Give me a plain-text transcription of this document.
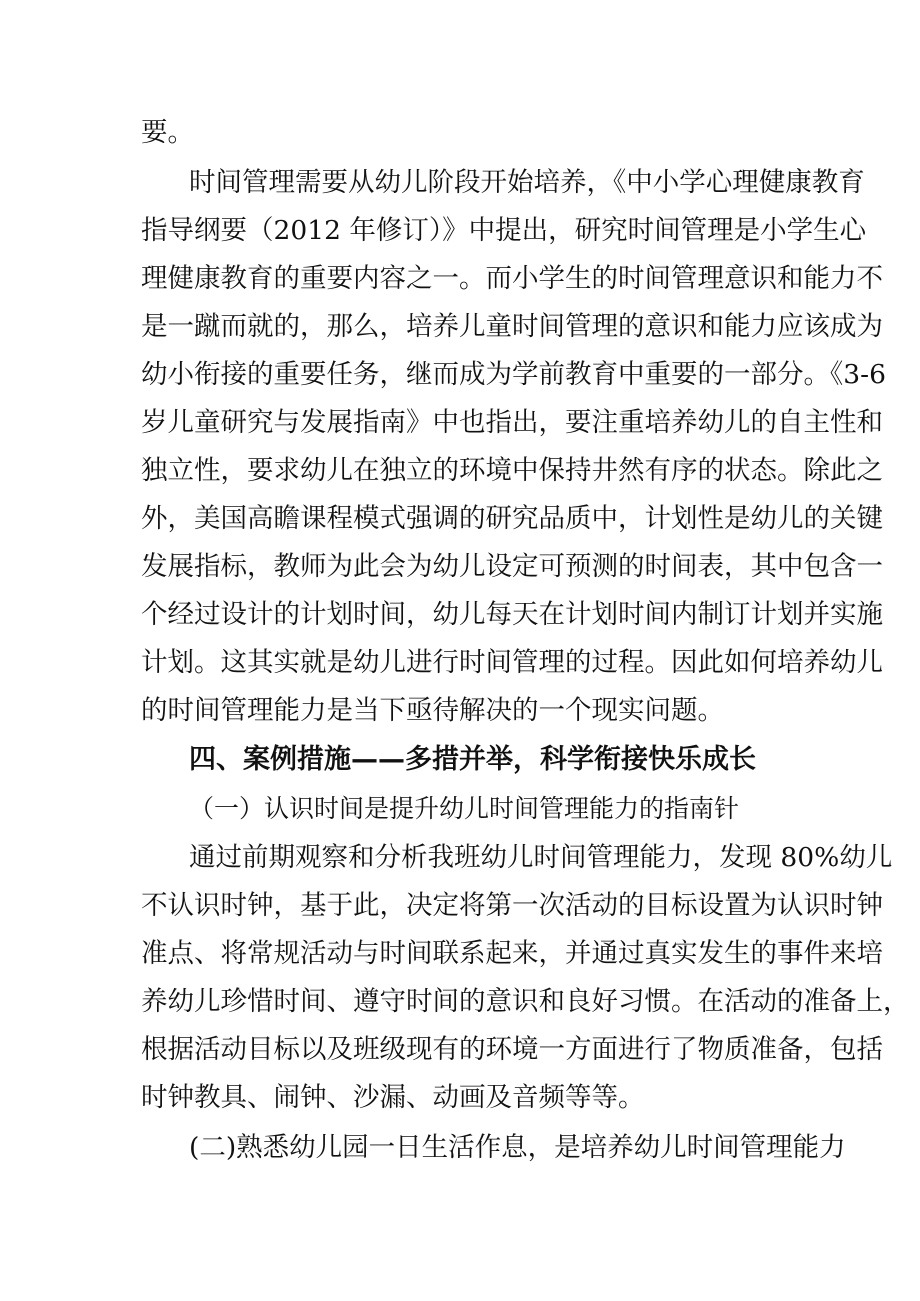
要。
时间管理需要从幼儿阶段开始培养，《中小学心理健康教育
指导纲要（2012 年修订）》中提出，研究时间管理是小学生心
理健康教育的重要内容之一。而小学生的时间管理意识和能力不
是一蹴而就的，那么，培养儿童时间管理的意识和能力应该成为
幼小衔接的重要任务，继而成为学前教育中重要的一部分。《3-6
岁儿童研究与发展指南》中也指出，要注重培养幼儿的自主性和
独立性，要求幼儿在独立的环境中保持井然有序的状态。除此之
外，美国高瞻课程模式强调的研究品质中，计划性是幼儿的关键
发展指标，教师为此会为幼儿设定可预测的时间表，其中包含一
个经过设计的计划时间，幼儿每天在计划时间内制订计划并实施
计划。这其实就是幼儿进行时间管理的过程。因此如何培养幼儿
的时间管理能力是当下亟待解决的一个现实问题。
四、案例措施——多措并举，科学衔接快乐成长
（一）认识时间是提升幼儿时间管理能力的指南针
通过前期观察和分析我班幼儿时间管理能力，发现 80%幼儿
不认识时钟，基于此，决定将第一次活动的目标设置为认识时钟
准点、将常规活动与时间联系起来，并通过真实发生的事件来培
养幼儿珍惜时间、遵守时间的意识和良好习惯。在活动的准备上，
根据活动目标以及班级现有的环境一方面进行了物质准备，包括
时钟教具、闹钟、沙漏、动画及音频等等。
(二)熟悉幼儿园一日生活作息，是培养幼儿时间管理能力
